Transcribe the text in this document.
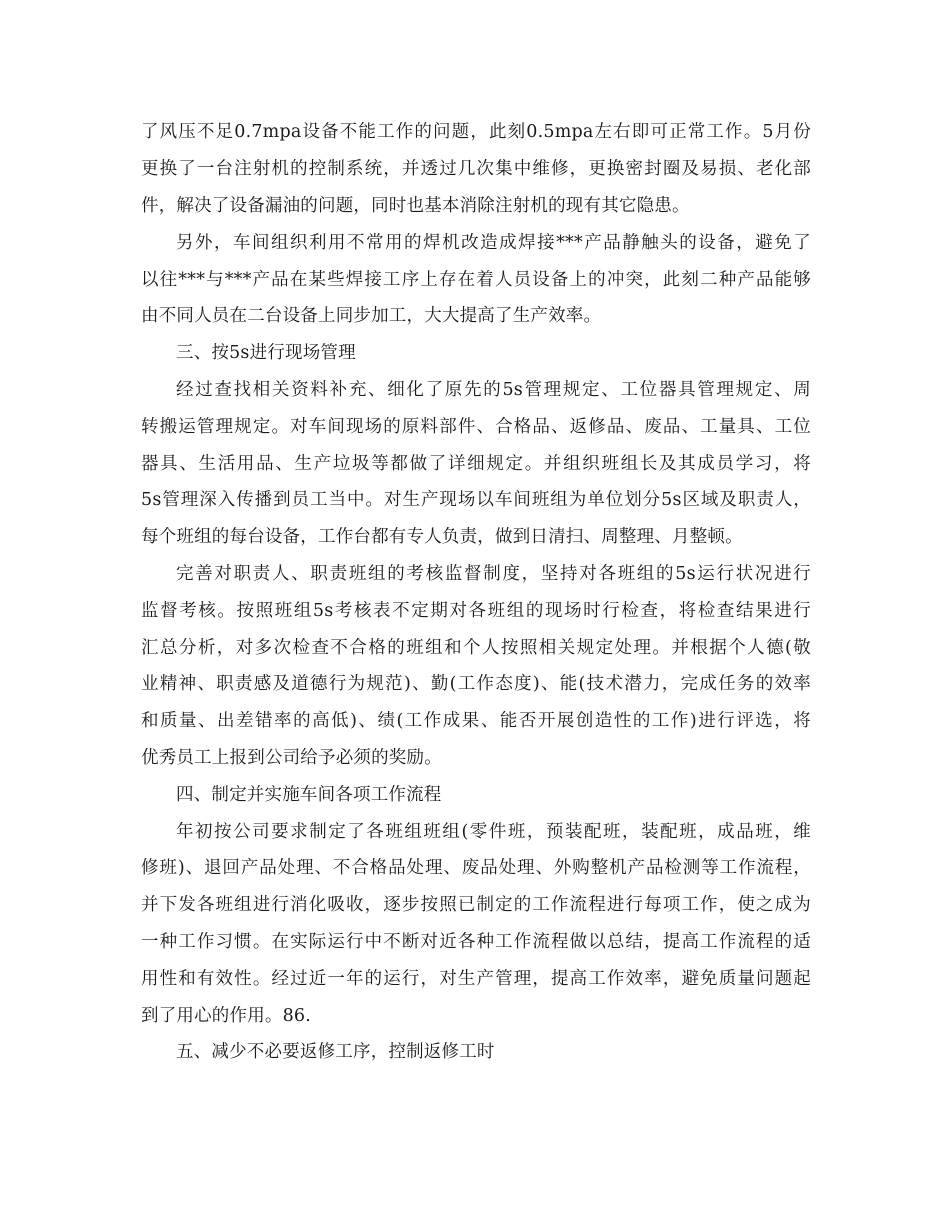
了风压不足0.7mpa设备不能工作的问题，此刻0.5mpa左右即可正常工作。5月份
更换了一台注射机的控制系统，并透过几次集中维修，更换密封圈及易损、老化部
件，解决了设备漏油的问题，同时也基本消除注射机的现有其它隐患。
另外，车间组织利用不常用的焊机改造成焊接***产品静触头的设备，避免了
以往***与***产品在某些焊接工序上存在着人员设备上的冲突，此刻二种产品能够
由不同人员在二台设备上同步加工，大大提高了生产效率。
三、按5s进行现场管理
经过查找相关资料补充、细化了原先的5s管理规定、工位器具管理规定、周
转搬运管理规定。对车间现场的原料部件、合格品、返修品、废品、工量具、工位
器具、生活用品、生产垃圾等都做了详细规定。并组织班组长及其成员学习，将
5s管理深入传播到员工当中。对生产现场以车间班组为单位划分5s区域及职责人，
每个班组的每台设备，工作台都有专人负责，做到日清扫、周整理、月整顿。
完善对职责人、职责班组的考核监督制度，坚持对各班组的5s运行状况进行
监督考核。按照班组5s考核表不定期对各班组的现场时行检查，将检查结果进行
汇总分析，对多次检查不合格的班组和个人按照相关规定处理。并根据个人德(敬
业精神、职责感及道德行为规范)、勤(工作态度)、能(技术潜力，完成任务的效率
和质量、出差错率的高低)、绩(工作成果、能否开展创造性的工作)进行评选，将
优秀员工上报到公司给予必须的奖励。
四、制定并实施车间各项工作流程
年初按公司要求制定了各班组班组(零件班，预装配班，装配班，成品班，维
修班)、退回产品处理、不合格品处理、废品处理、外购整机产品检测等工作流程，
并下发各班组进行消化吸收，逐步按照已制定的工作流程进行每项工作，使之成为
一种工作习惯。在实际运行中不断对近各种工作流程做以总结，提高工作流程的适
用性和有效性。经过近一年的运行，对生产管理，提高工作效率，避免质量问题起
到了用心的作用。86.
五、减少不必要返修工序，控制返修工时
